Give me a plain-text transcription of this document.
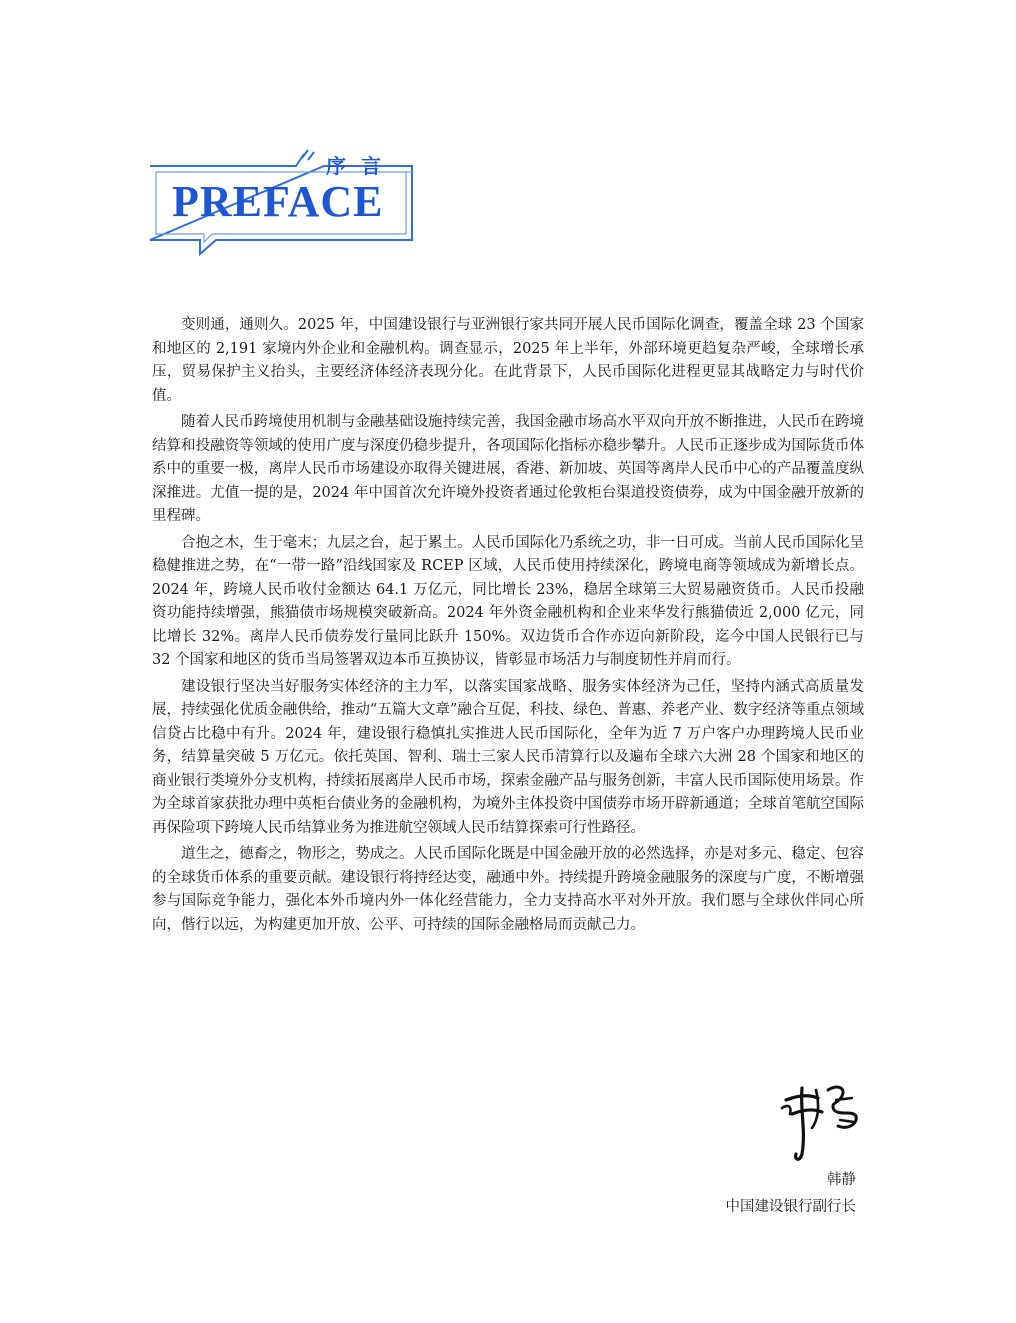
序 言
PREFACE

变则通，通则久。2025 年，中国建设银行与亚洲银行家共同开展人民币国际化调查，覆盖全球 23 个国家和地区的 2,191 家境内外企业和金融机构。调查显示，2025 年上半年，外部环境更趋复杂严峻，全球增长承压，贸易保护主义抬头，主要经济体经济表现分化。在此背景下，人民币国际化进程更显其战略定力与时代价值。

随着人民币跨境使用机制与金融基础设施持续完善，我国金融市场高水平双向开放不断推进，人民币在跨境结算和投融资等领域的使用广度与深度仍稳步提升，各项国际化指标亦稳步攀升。人民币正逐步成为国际货币体系中的重要一极，离岸人民币市场建设亦取得关键进展，香港、新加坡、英国等离岸人民币中心的产品覆盖度纵深推进。尤值一提的是，2024 年中国首次允许境外投资者通过伦敦柜台渠道投资债券，成为中国金融开放新的里程碑。

合抱之木，生于毫末；九层之台，起于累土。人民币国际化乃系统之功，非一日可成。当前人民币国际化呈稳健推进之势，在“一带一路”沿线国家及 RCEP 区域，人民币使用持续深化，跨境电商等领域成为新增长点。2024 年，跨境人民币收付金额达 64.1 万亿元，同比增长 23%，稳居全球第三大贸易融资货币。人民币投融资功能持续增强，熊猫债市场规模突破新高。2024 年外资金融机构和企业来华发行熊猫债近 2,000 亿元，同比增长 32%。离岸人民币债券发行量同比跃升 150%。双边货币合作亦迈向新阶段，迄今中国人民银行已与 32 个国家和地区的货币当局签署双边本币互换协议，皆彰显市场活力与制度韧性并肩而行。

建设银行坚决当好服务实体经济的主力军，以落实国家战略、服务实体经济为己任，坚持内涵式高质量发展，持续强化优质金融供给，推动“五篇大文章”融合互促，科技、绿色、普惠、养老产业、数字经济等重点领域信贷占比稳中有升。2024 年，建设银行稳慎扎实推进人民币国际化，全年为近 7 万户客户办理跨境人民币业务，结算量突破 5 万亿元。依托英国、智利、瑞士三家人民币清算行以及遍布全球六大洲 28 个国家和地区的商业银行类境外分支机构，持续拓展离岸人民币市场，探索金融产品与服务创新，丰富人民币国际使用场景。作为全球首家获批办理中英柜台债业务的金融机构，为境外主体投资中国债券市场开辟新通道；全球首笔航空国际再保险项下跨境人民币结算业务为推进航空领域人民币结算探索可行性路径。

道生之，德畜之，物形之，势成之。人民币国际化既是中国金融开放的必然选择，亦是对多元、稳定、包容的全球货币体系的重要贡献。建设银行将持经达变，融通中外。持续提升跨境金融服务的深度与广度，不断增强参与国际竞争能力，强化本外币境内外一体化经营能力，全力支持高水平对外开放。我们愿与全球伙伴同心所向，偕行以远，为构建更加开放、公平、可持续的国际金融格局而贡献己力。

韩静
中国建设银行副行长
